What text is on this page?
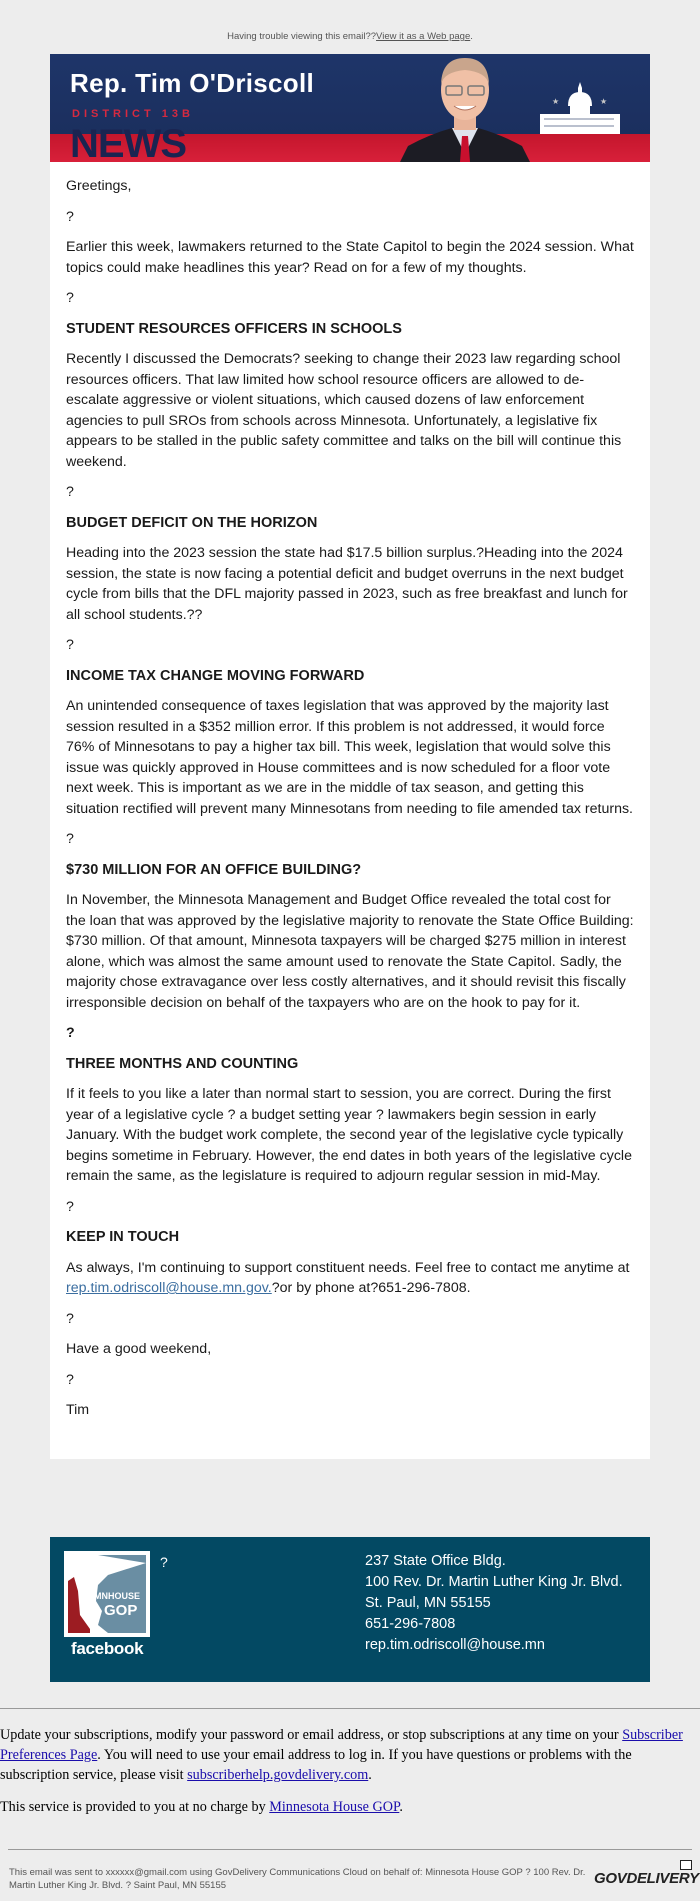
Having trouble viewing this email??View it as a Web page.
Rep. Tim O'Driscoll
DISTRICT 13B
NEWS
★	★

Greetings,

?

Earlier this week, lawmakers returned to the State Capitol to begin the 2024 session. What topics could make headlines this year? Read on for a few of my thoughts.

?

STUDENT RESOURCES OFFICERS IN SCHOOLS

Recently I discussed the Democrats? seeking to change their 2023 law regarding school resources officers. That law limited how school resource officers are allowed to de-escalate aggressive or violent situations, which caused dozens of law enforcement agencies to pull SROs from schools across Minnesota. Unfortunately, a legislative fix appears to be stalled in the public safety committee and talks on the bill will continue this weekend.

?

BUDGET DEFICIT ON THE HORIZON

Heading into the 2023 session the state had $17.5 billion surplus.?Heading into the 2024 session, the state is now facing a potential deficit and budget overruns in the next budget cycle from bills that the DFL majority passed in 2023, such as free breakfast and lunch for all school students.??

?

INCOME TAX CHANGE MOVING FORWARD

An unintended consequence of taxes legislation that was approved by the majority last session resulted in a $352 million error. If this problem is not addressed, it would force 76% of Minnesotans to pay a higher tax bill. This week, legislation that would solve this issue was quickly approved in House committees and is now scheduled for a floor vote next week. This is important as we are in the middle of tax season, and getting this situation rectified will prevent many Minnesotans from needing to file amended tax returns.

?

$730 MILLION FOR AN OFFICE BUILDING?

In November, the Minnesota Management and Budget Office revealed the total cost for the loan that was approved by the legislative majority to renovate the State Office Building: $730 million. Of that amount, Minnesota taxpayers will be charged $275 million in interest alone, which was almost the same amount used to renovate the State Capitol. Sadly, the majority chose extravagance over less costly alternatives, and it should revisit this fiscally irresponsible decision on behalf of the taxpayers who are on the hook to pay for it.

?

THREE MONTHS AND COUNTING

If it feels to you like a later than normal start to session, you are correct. During the first year of a legislative cycle ? a budget setting year ? lawmakers begin session in early January. With the budget work complete, the second year of the legislative cycle typically begins sometime in February. However, the end dates in both years of the legislative cycle remain the same, as the legislature is required to adjourn regular session in mid-May.

?

KEEP IN TOUCH

As always, I'm continuing to support constituent needs. Feel free to contact me anytime at rep.tim.odriscoll@house.mn.gov.?or by phone at?651-296-7808.

?

Have a good weekend,

?

Tim

MNHOUSE
GOP
facebook
?	237 State Office Bldg.
100 Rev. Dr. Martin Luther King Jr. Blvd.
St. Paul, MN 55155
651-296-7808
rep.tim.odriscoll@house.mn

Update your subscriptions, modify your password or email address, or stop subscriptions at any time on your Subscriber Preferences Page. You will need to use your email address to log in. If you have questions or problems with the subscription service, please visit subscriberhelp.govdelivery.com.

This service is provided to you at no charge by Minnesota House GOP.

This email was sent to xxxxxx@gmail.com using GovDelivery Communications Cloud on behalf of: Minnesota House GOP ? 100 Rev. Dr. Martin Luther King Jr. Blvd. ? Saint Paul, MN 55155	GOVDELIVERY
